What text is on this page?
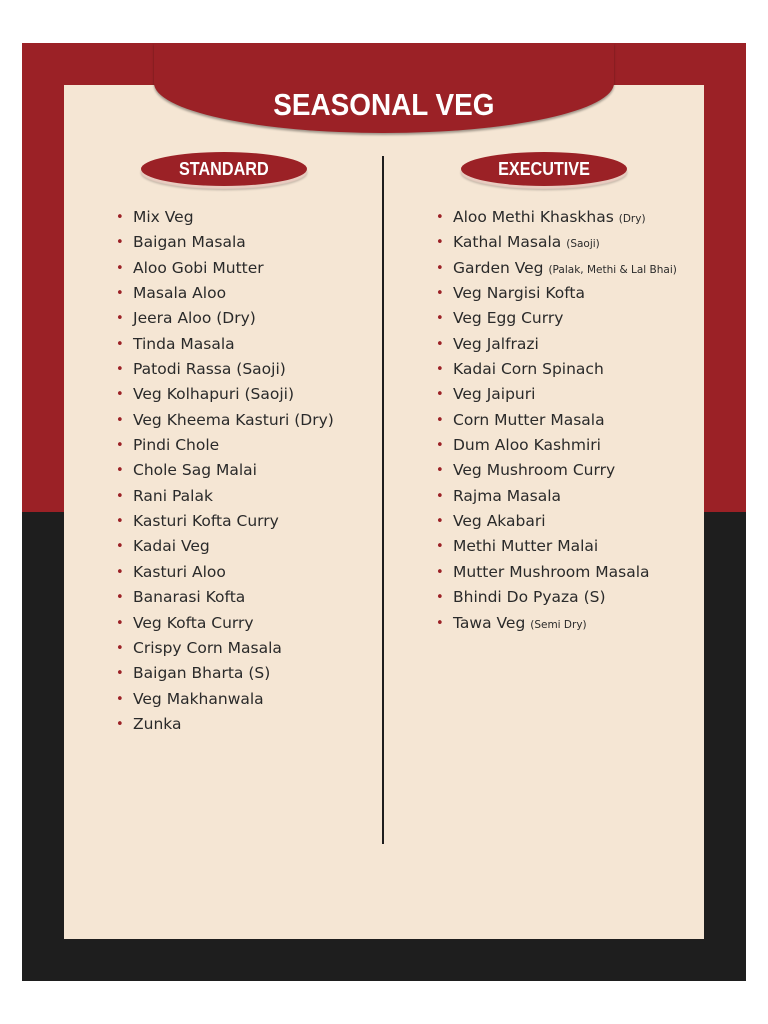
SEASONAL VEG
STANDARD	EXECUTIVE
• Mix Veg
• Baigan Masala
• Aloo Gobi Mutter
• Masala Aloo
• Jeera Aloo (Dry)
• Tinda Masala
• Patodi Rassa (Saoji)
• Veg Kolhapuri (Saoji)
• Veg Kheema Kasturi (Dry)
• Pindi Chole
• Chole Sag Malai
• Rani Palak
• Kasturi Kofta Curry
• Kadai Veg
• Kasturi Aloo
• Banarasi Kofta
• Veg Kofta Curry
• Crispy Corn Masala
• Baigan Bharta (S)
• Veg Makhanwala
• Zunka
• Aloo Methi Khaskhas (Dry)
• Kathal Masala (Saoji)
• Garden Veg (Palak, Methi & Lal Bhai)
• Veg Nargisi Kofta
• Veg Egg Curry
• Veg Jalfrazi
• Kadai Corn Spinach
• Veg Jaipuri
• Corn Mutter Masala
• Dum Aloo Kashmiri
• Veg Mushroom Curry
• Rajma Masala
• Veg Akabari
• Methi Mutter Malai
• Mutter Mushroom Masala
• Bhindi Do Pyaza (S)
• Tawa Veg (Semi Dry)
